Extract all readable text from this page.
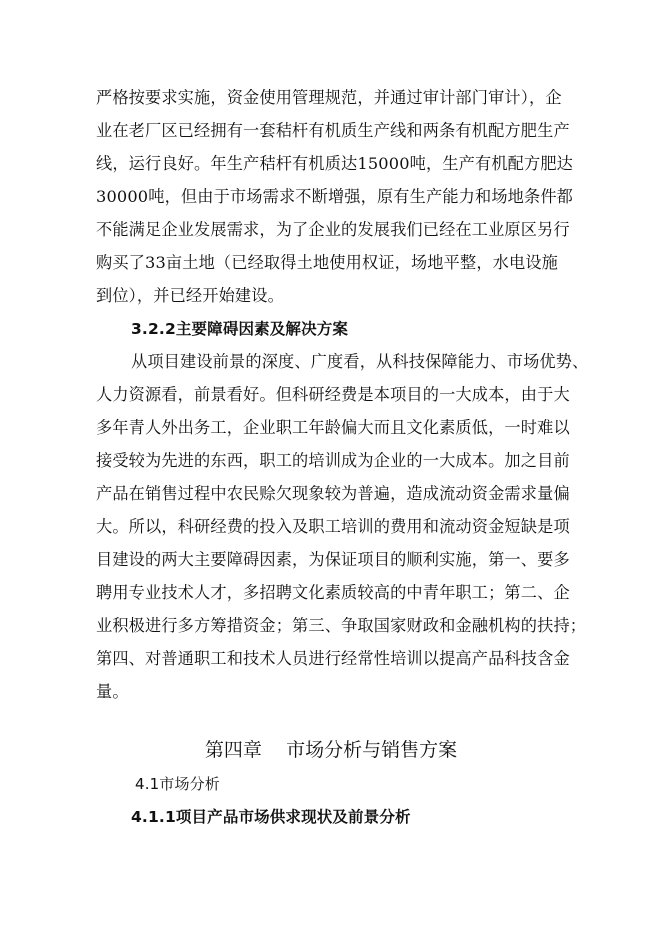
严格按要求实施，资金使用管理规范，并通过审计部门审计），企
业在老厂区已经拥有一套秸杆有机质生产线和两条有机配方肥生产
线，运行良好。年生产秸杆有机质达15000吨，生产有机配方肥达
30000吨，但由于市场需求不断增强，原有生产能力和场地条件都
不能满足企业发展需求，为了企业的发展我们已经在工业原区另行
购买了33亩土地（已经取得土地使用权证，场地平整，水电设施
到位），并已经开始建设。
3.2.2主要障碍因素及解决方案
从项目建设前景的深度、广度看，从科技保障能力、市场优势、
人力资源看，前景看好。但科研经费是本项目的一大成本，由于大
多年青人外出务工，企业职工年龄偏大而且文化素质低，一时难以
接受较为先进的东西，职工的培训成为企业的一大成本。加之目前
产品在销售过程中农民赊欠现象较为普遍，造成流动资金需求量偏
大。所以，科研经费的投入及职工培训的费用和流动资金短缺是项
目建设的两大主要障碍因素，为保证项目的顺利实施，第一、要多
聘用专业技术人才，多招聘文化素质较高的中青年职工；第二、企
业积极进行多方筹措资金；第三、争取国家财政和金融机构的扶持；
第四、对普通职工和技术人员进行经常性培训以提高产品科技含金
量。
第四章    市场分析与销售方案
4.1市场分析
4.1.1项目产品市场供求现状及前景分析
